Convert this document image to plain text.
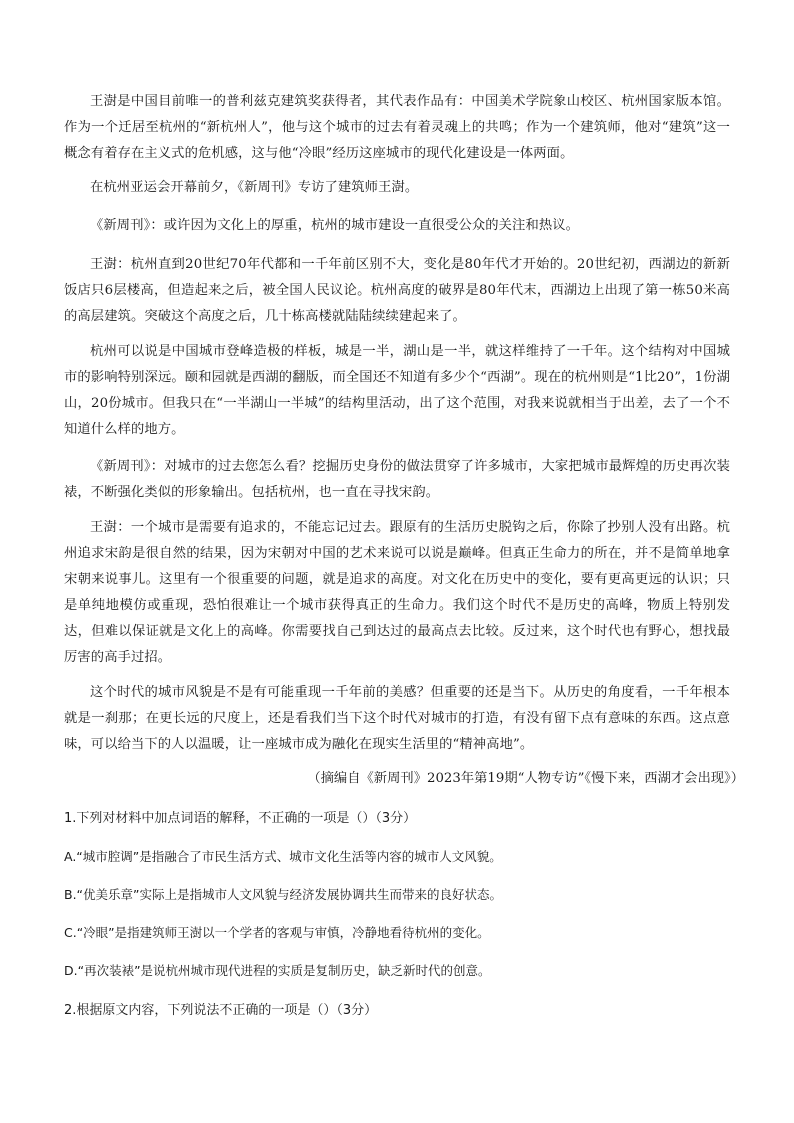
王澍是中国目前唯一的普利兹克建筑奖获得者，其代表作品有：中国美术学院象山校区、杭州国家版本馆。作为一个迁居至杭州的“新杭州人”，他与这个城市的过去有着灵魂上的共鸣；作为一个建筑师，他对“建筑”这一概念有着存在主义式的危机感，这与他“冷眼”经历这座城市的现代化建设是一体两面。

在杭州亚运会开幕前夕，《新周刊》专访了建筑师王澍。

《新周刊》：或许因为文化上的厚重，杭州的城市建设一直很受公众的关注和热议。

王澍：杭州直到20世纪70年代都和一千年前区别不大，变化是80年代才开始的。20世纪初，西湖边的新新饭店只6层楼高，但造起来之后，被全国人民议论。杭州高度的破界是80年代末，西湖边上出现了第一栋50米高的高层建筑。突破这个高度之后，几十栋高楼就陆陆续续建起来了。

杭州可以说是中国城市登峰造极的样板，城是一半，湖山是一半，就这样维持了一千年。这个结构对中国城市的影响特别深远。颐和园就是西湖的翻版，而全国还不知道有多少个“西湖”。现在的杭州则是“1比20”，1份湖山，20份城市。但我只在“一半湖山一半城”的结构里活动，出了这个范围，对我来说就相当于出差，去了一个不知道什么样的地方。

《新周刊》：对城市的过去您怎么看？挖掘历史身份的做法贯穿了许多城市，大家把城市最辉煌的历史再次装裱，不断强化类似的形象输出。包括杭州，也一直在寻找宋韵。

王澍：一个城市是需要有追求的，不能忘记过去。跟原有的生活历史脱钩之后，你除了抄别人没有出路。杭州追求宋韵是很自然的结果，因为宋朝对中国的艺术来说可以说是巅峰。但真正生命力的所在，并不是简单地拿宋朝来说事儿。这里有一个很重要的问题，就是追求的高度。对文化在历史中的变化，要有更高更远的认识；只是单纯地模仿或重现，恐怕很难让一个城市获得真正的生命力。我们这个时代不是历史的高峰，物质上特别发达，但难以保证就是文化上的高峰。你需要找自己到达过的最高点去比较。反过来，这个时代也有野心，想找最厉害的高手过招。

这个时代的城市风貌是不是有可能重现一千年前的美感？但重要的还是当下。从历史的角度看，一千年根本就是一刹那；在更长远的尺度上，还是看我们当下这个时代对城市的打造，有没有留下点有意味的东西。这点意味，可以给当下的人以温暖，让一座城市成为融化在现实生活里的“精神高地”。

（摘编自《新周刊》2023年第19期“人物专访”《慢下来，西湖才会出现》）

1.下列对材料中加点词语的解释，不正确的一项是（）（3分）

A.“城市腔调”是指融合了市民生活方式、城市文化生活等内容的城市人文风貌。

B.“优美乐章”实际上是指城市人文风貌与经济发展协调共生而带来的良好状态。

C.“冷眼”是指建筑师王澍以一个学者的客观与审慎，冷静地看待杭州的变化。

D.“再次装裱”是说杭州城市现代进程的实质是复制历史，缺乏新时代的创意。

2.根据原文内容，下列说法不正确的一项是（）（3分）
